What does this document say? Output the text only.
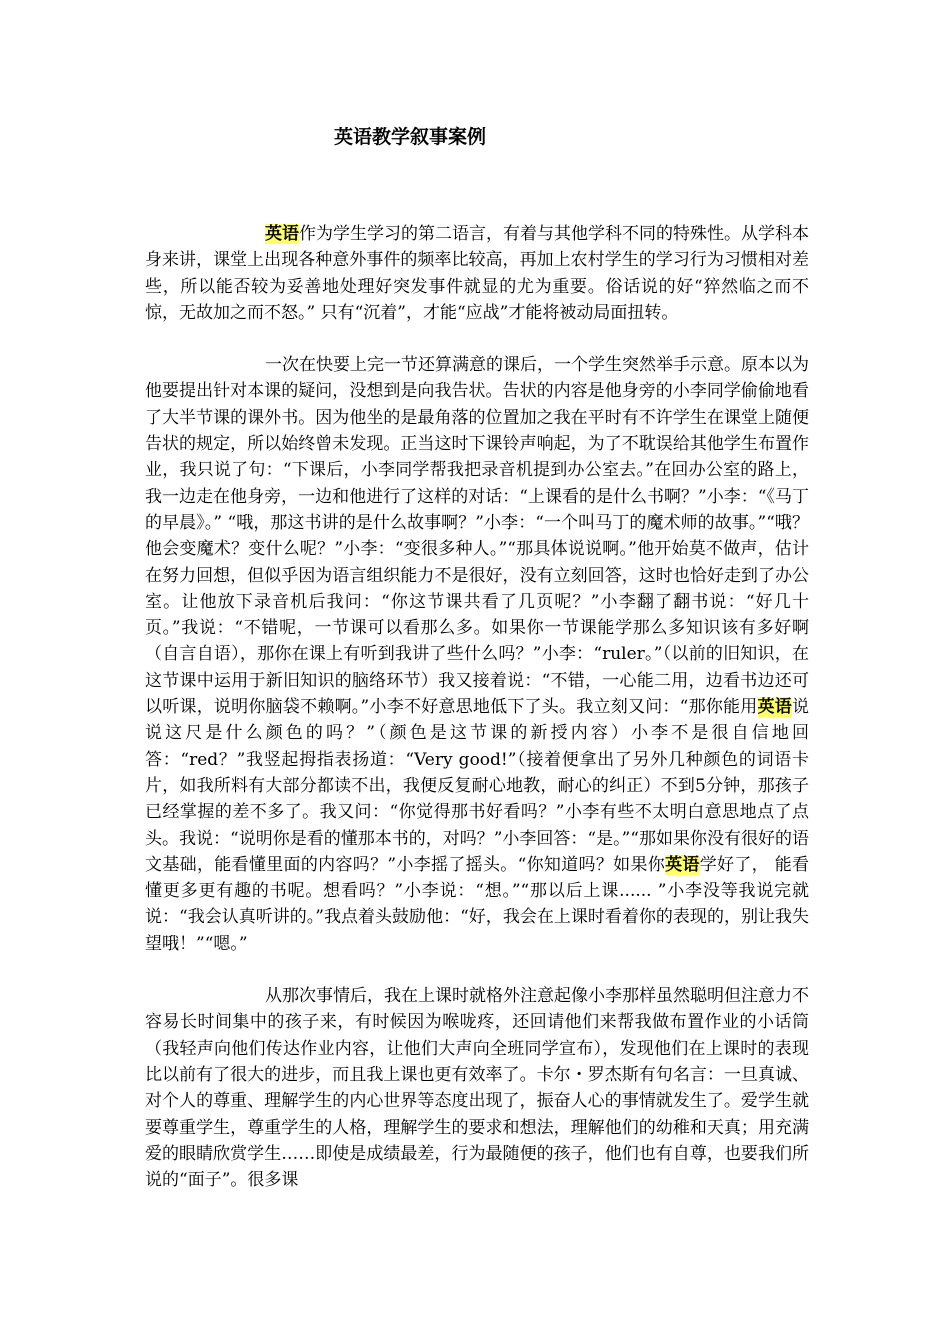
英语教学叙事案例

英语作为学生学习的第二语言，有着与其他学科不同的特殊性。从学科本身来讲，课堂上出现各种意外事件的频率比较高，再加上农村学生的学习行为习惯相对差些，所以能否较为妥善地处理好突发事件就显的尤为重要。俗话说的好“猝然临之而不惊，无故加之而不怒。” 只有“沉着”，才能“应战”才能将被动局面扭转。

一次在快要上完一节还算满意的课后，一个学生突然举手示意。原本以为他要提出针对本课的疑问，没想到是向我告状。告状的内容是他身旁的小李同学偷偷地看了大半节课的课外书。因为他坐的是最角落的位置加之我在平时有不许学生在课堂上随便告状的规定，所以始终曾未发现。正当这时下课铃声响起，为了不耽误给其他学生布置作业，我只说了句：“下课后，小李同学帮我把录音机提到办公室去。”在回办公室的路上，我一边走在他身旁，一边和他进行了这样的对话：“上课看的是什么书啊？”小李：“《马丁的早晨》。” “哦，那这书讲的是什么故事啊？”小李：“一个叫马丁的魔术师的故事。”“哦？他会变魔术？变什么呢？”小李：“变很多种人。”“那具体说说啊。”他开始莫不做声，估计在努力回想，但似乎因为语言组织能力不是很好，没有立刻回答，这时也恰好走到了办公室。让他放下录音机后我问：“你这节课共看了几页呢？”小李翻了翻书说：“好几十页。”我说：“不错呢，一节课可以看那么多。如果你一节课能学那么多知识该有多好啊（自言自语），那你在课上有听到我讲了些什么吗？”小李：“ruler。”（以前的旧知识，在这节课中运用于新旧知识的脑络环节）我又接着说：“不错，一心能二用，边看书边还可以听课，说明你脑袋不赖啊。”小李不好意思地低下了头。我立刻又问：“那你能用英语说说这尺是什么颜色的吗？”（颜色是这节课的新授内容）小李不是很自信地回答：“red？”我竖起拇指表扬道：“Very good!”（接着便拿出了另外几种颜色的词语卡片，如我所料有大部分都读不出，我便反复耐心地教，耐心的纠正）不到5分钟，那孩子已经掌握的差不多了。我又问：“你觉得那书好看吗？”小李有些不太明白意思地点了点头。我说：“说明你是看的懂那本书的，对吗？”小李回答：“是。”“那如果你没有很好的语文基础，能看懂里面的内容吗？”小李摇了摇头。“你知道吗？如果你英语学好了， 能看懂更多更有趣的书呢。想看吗？”小李说：“想。”“那以后上课...... ”小李没等我说完就说：“我会认真听讲的。”我点着头鼓励他：“好，我会在上课时看着你的表现的，别让我失望哦！”“嗯。”

从那次事情后，我在上课时就格外注意起像小李那样虽然聪明但注意力不容易长时间集中的孩子来，有时候因为喉咙疼，还回请他们来帮我做布置作业的小话筒（我轻声向他们传达作业内容，让他们大声向全班同学宣布），发现他们在上课时的表现比以前有了很大的进步，而且我上课也更有效率了。卡尔・罗杰斯有句名言：一旦真诚、对个人的尊重、理解学生的内心世界等态度出现了，振奋人心的事情就发生了。爱学生就要尊重学生，尊重学生的人格，理解学生的要求和想法，理解他们的幼稚和天真；用充满爱的眼睛欣赏学生……即使是成绩最差，行为最随便的孩子，他们也有自尊，也要我们所说的“面子”。很多课
